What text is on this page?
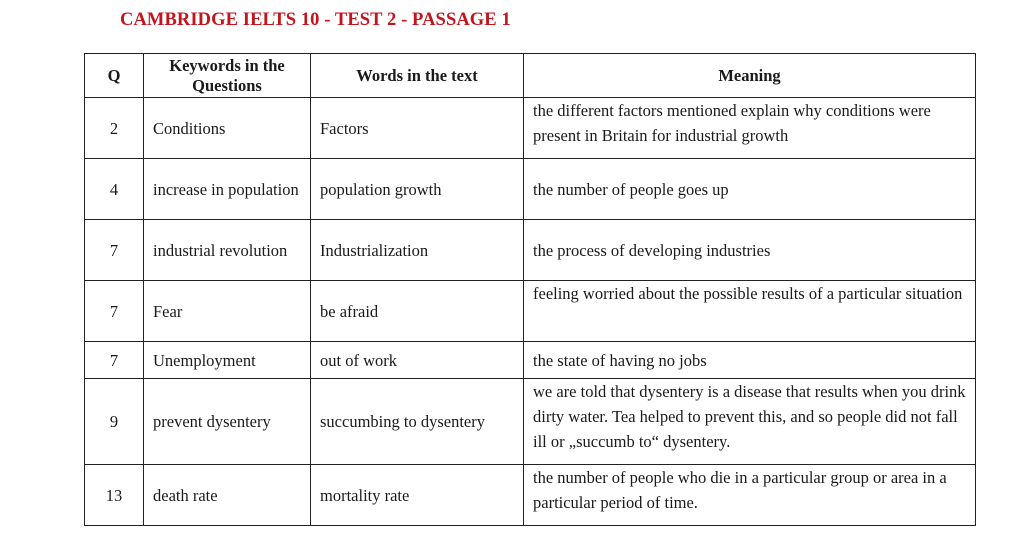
CAMBRIDGE IELTS 10 - TEST 2 - PASSAGE 1
Q	Keywords in the Questions	Words in the text	Meaning
2	Conditions	Factors	the different factors mentioned explain why conditions were present in Britain for industrial growth
4	increase in population	population growth	the number of people goes up
7	industrial revolution	Industrialization	the process of developing industries
7	Fear	be afraid	feeling worried about the possible results of a particular situation
7	Unemployment	out of work	the state of having no jobs
9	prevent dysentery	succumbing to dysentery	we are told that dysentery is a disease that results when you drink dirty water. Tea helped to prevent this, and so people did not fall ill or „succumb to“ dysentery.
13	death rate	mortality rate	the number of people who die in a particular group or area in a particular period of time.
